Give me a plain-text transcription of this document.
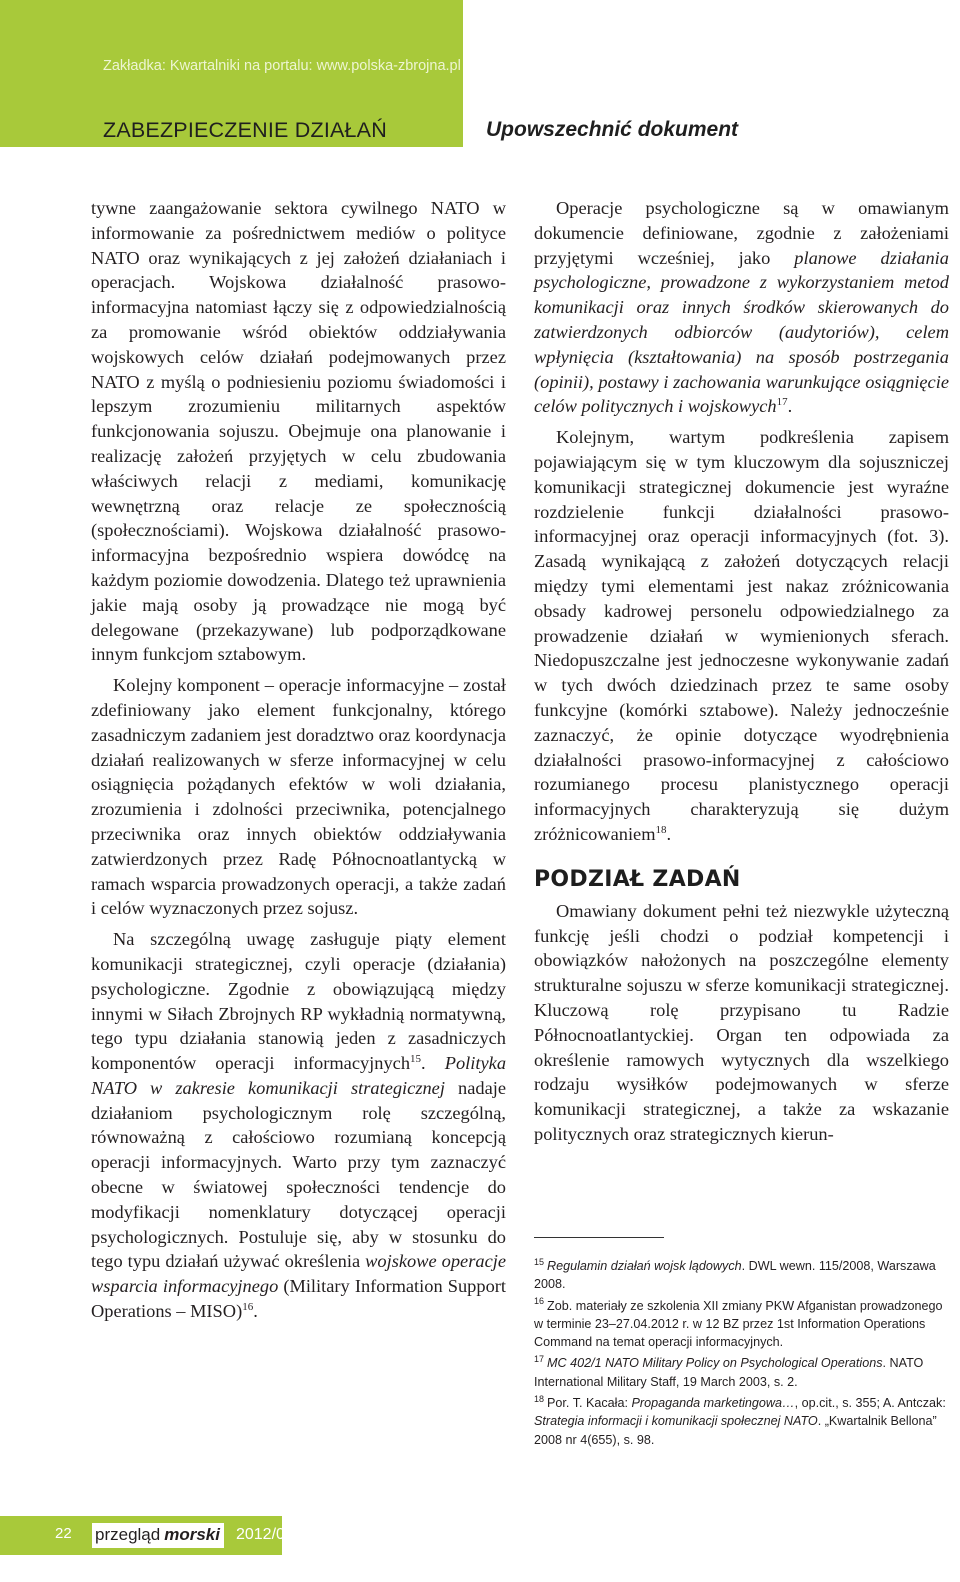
Zakładka: Kwartalniki na portalu: www.polska-zbrojna.pl
ZABEZPIECZENIE DZIAŁAŃ	Upowszechnić dokument

tywne zaangażowanie sektora cywilnego NATO w informowanie za pośrednictwem mediów o polityce NATO oraz wynikających z jej założeń działaniach i operacjach. Wojskowa działalność prasowo-informacyjna natomiast łączy się z odpowiedzialnością za promowanie wśród obiektów oddziaływania wojskowych celów działań podejmowanych przez NATO z myślą o podniesieniu poziomu świadomości i lepszym zrozumieniu militarnych aspektów funkcjonowania sojuszu. Obejmuje ona planowanie i realizację założeń przyjętych w celu zbudowania właściwych relacji z mediami, komunikację wewnętrzną oraz relacje ze społecznością (społecznościami). Wojskowa działalność prasowo-informacyjna bezpośrednio wspiera dowódcę na każdym poziomie dowodzenia. Dlatego też uprawnienia jakie mają osoby ją prowadzące nie mogą być delegowane (przekazywane) lub podporządkowane innym funkcjom sztabowym.

Kolejny komponent – operacje informacyjne – został zdefiniowany jako element funkcjonalny, którego zasadniczym zadaniem jest doradztwo oraz koordynacja działań realizowanych w sferze informacyjnej w celu osiągnięcia pożądanych efektów w woli działania, zrozumienia i zdolności przeciwnika, potencjalnego przeciwnika oraz innych obiektów oddziaływania zatwierdzonych przez Radę Północnoatlantycką w ramach wsparcia prowadzonych operacji, a także zadań i celów wyznaczonych przez sojusz.

Na szczególną uwagę zasługuje piąty element komunikacji strategicznej, czyli operacje (działania) psychologiczne. Zgodnie z obowiązującą między innymi w Siłach Zbrojnych RP wykładnią normatywną, tego typu działania stanowią jeden z zasadniczych komponentów operacji informacyjnych$^{15}$. Polityka NATO w zakresie komunikacji strategicznej nadaje działaniom psychologicznym rolę szczególną, równoważną z całościowo rozumianą koncepcją operacji informacyjnych. Warto przy tym zaznaczyć obecne w światowej społeczności tendencje do modyfikacji nomenklatury dotyczącej operacji psychologicznych. Postuluje się, aby w stosunku do tego typu działań używać określenia wojskowe operacje wsparcia informacyjnego (Military Information Support Operations – MISO)$^{16}$.

Operacje psychologiczne są w omawianym dokumencie definiowane, zgodnie z założeniami przyjętymi wcześniej, jako planowe działania psychologiczne, prowadzone z wykorzystaniem metod komunikacji oraz innych środków skierowanych do zatwierdzonych odbiorców (audytoriów), celem wpłynięcia (kształtowania) na sposób postrzegania (opinii), postawy i zachowania warunkujące osiągnięcie celów politycznych i wojskowych$^{17}$.

Kolejnym, wartym podkreślenia zapisem pojawiającym się w tym kluczowym dla sojuszniczej komunikacji strategicznej dokumencie jest wyraźne rozdzielenie funkcji działalności prasowo-informacyjnej oraz operacji informacyjnych (fot. 3). Zasadą wynikającą z założeń dotyczących relacji między tymi elementami jest nakaz zróżnicowania obsady kadrowej personelu odpowiedzialnego za prowadzenie działań w wymienionych sferach. Niedopuszczalne jest jednoczesne wykonywanie zadań w tych dwóch dziedzinach przez te same osoby funkcyjne (komórki sztabowe). Należy jednocześnie zaznaczyć, że opinie dotyczące wyodrębnienia działalności prasowo-informacyjnej z całościowo rozumianego procesu planistycznego operacji informacyjnych charakteryzują się dużym zróżnicowaniem$^{18}$.

PODZIAŁ ZADAŃ

Omawiany dokument pełni też niezwykle użyteczną funkcję jeśli chodzi o podział kompetencji i obowiązków nałożonych na poszczególne elementy strukturalne sojuszu w sferze komunikacji strategicznej. Kluczową rolę przypisano tu Radzie Północnoatlantyckiej. Organ ten odpowiada za określenie ramowych wytycznych dla wszelkiego rodzaju wysiłków podejmowanych w sferze komunikacji strategicznej, a także za wskazanie politycznych oraz strategicznych kierun-

$^{15}$ Regulamin działań wojsk lądowych. DWL wewn. 115/2008, Warszawa 2008.

$^{16}$ Zob. materiały ze szkolenia XII zmiany PKW Afganistan prowadzonego w terminie 23–27.04.2012 r. w 12 BZ przez 1st Information Operations Command na temat operacji informacyjnych.

$^{17}$ MC 402/1 NATO Military Policy on Psychological Operations. NATO International Military Staff, 19 March 2003, s. 2.

$^{18}$ Por. T. Kacała: Propaganda marketingowa…, op.cit., s. 355; A. Antczak: Strategia informacji i komunikacji społecznej NATO. „Kwartalnik Bellona” 2008 nr 4(655), s. 98.

22 przegląd morski 2012/03
